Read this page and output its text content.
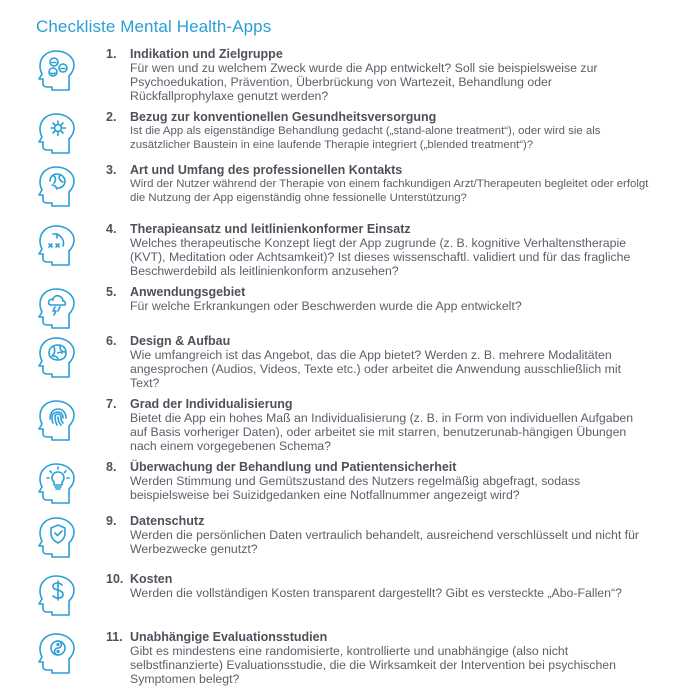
Checkliste Mental Health-Apps
1. Indikation und Zielgruppe
Für wen und zu welchem Zweck wurde die App entwickelt? Soll sie beispielsweise zur Psychoedukation, Prävention, Überbrückung von Wartezeit, Behandlung oder Rückfallprophylaxe genutzt werden?
2. Bezug zur konventionellen Gesundheitsversorgung
Ist die App als eigenständige Behandlung gedacht („stand-alone treatment“), oder wird sie als zusätzlicher Baustein in eine laufende Therapie integriert („blended treatment“)?
3. Art und Umfang des professionellen Kontakts
Wird der Nutzer während der Therapie von einem fachkundigen Arzt/Therapeuten begleitet oder erfolgt die Nutzung der App eigenständig ohne fessionelle Unterstützung?
4. Therapieansatz und leitlinienkonformer Einsatz
Welches therapeutische Konzept liegt der App zugrunde (z. B. kognitive Verhaltenstherapie (KVT), Meditation oder Achtsamkeit)? Ist dieses wissenschaftl. validiert und für das fragliche Beschwerdebild als leitlinienkonform anzusehen?
5. Anwendungsgebiet
Für welche Erkrankungen oder Beschwerden wurde die App entwickelt?
6. Design & Aufbau
Wie umfangreich ist das Angebot, das die App bietet? Werden z. B. mehrere Modalitäten angesprochen (Audios, Videos, Texte etc.) oder arbeitet die Anwendung ausschließlich mit Text?
7. Grad der Individualisierung
Bietet die App ein hohes Maß an Individualisierung (z. B. in Form von individuellen Aufgaben auf Basis vorheriger Daten), oder arbeitet sie mit starren, benutzerunab-hängigen Übungen nach einem vorgegebenen Schema?
8. Überwachung der Behandlung und Patientensicherheit
Werden Stimmung und Gemütszustand des Nutzers regelmäßig abgefragt, sodass beispielsweise bei Suizidgedanken eine Notfallnummer angezeigt wird?
9. Datenschutz
Werden die persönlichen Daten vertraulich behandelt, ausreichend verschlüsselt und nicht für Werbezwecke genutzt?
10. Kosten
Werden die vollständigen Kosten transparent dargestellt? Gibt es versteckte „Abo-Fallen“?
11. Unabhängige Evaluationsstudien
Gibt es mindestens eine randomisierte, kontrollierte und unabhängige (also nicht selbstfinanzierte) Evaluationsstudie, die die Wirksamkeit der Intervention bei psychischen Symptomen belegt?
